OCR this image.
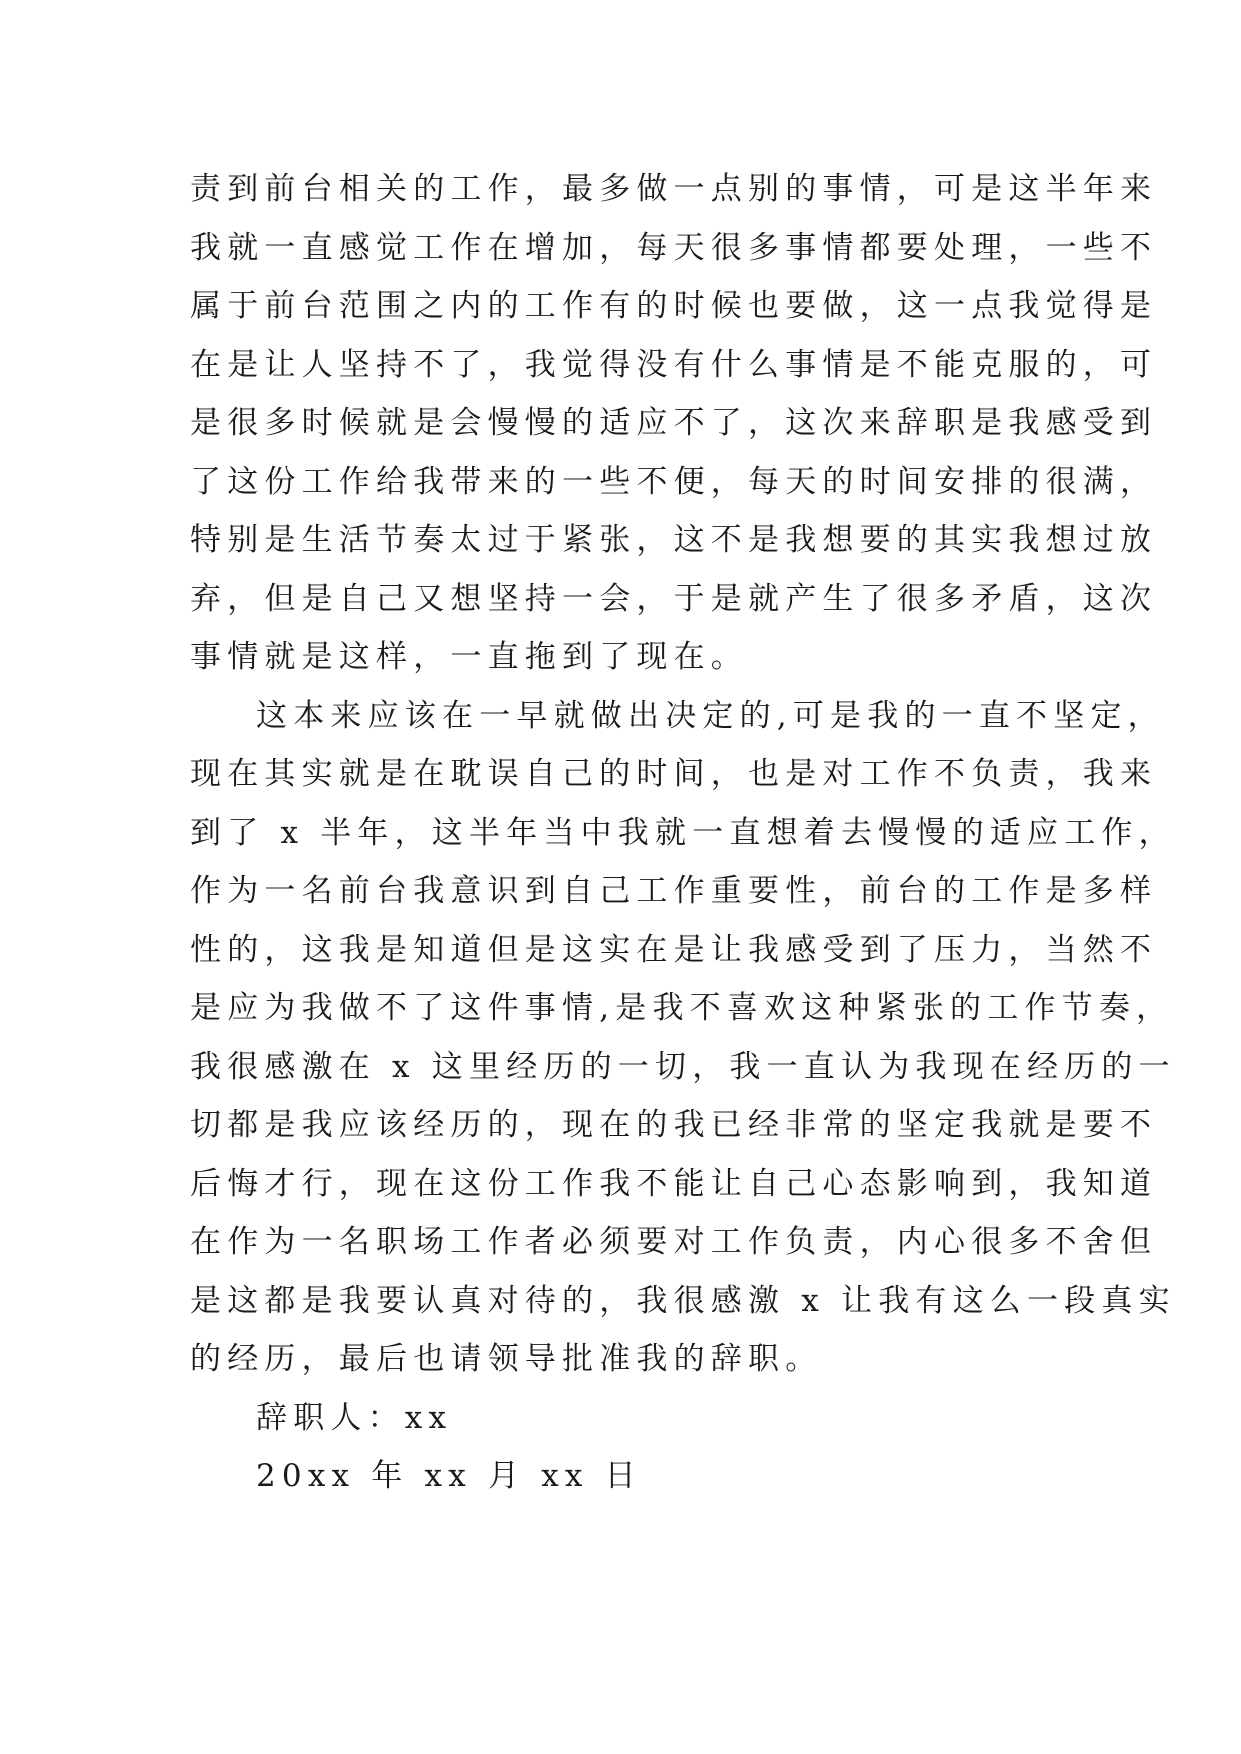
责到前台相关的工作，最多做一点别的事情，可是这半年来
我就一直感觉工作在增加，每天很多事情都要处理，一些不
属于前台范围之内的工作有的时候也要做，这一点我觉得是
在是让人坚持不了，我觉得没有什么事情是不能克服的，可
是很多时候就是会慢慢的适应不了，这次来辞职是我感受到
了这份工作给我带来的一些不便，每天的时间安排的很满，
特别是生活节奏太过于紧张，这不是我想要的其实我想过放
弃，但是自己又想坚持一会，于是就产生了很多矛盾，这次
事情就是这样，一直拖到了现在。
这本来应该在一早就做出决定的,可是我的一直不坚定，
现在其实就是在耽误自己的时间，也是对工作不负责，我来
到了 x 半年，这半年当中我就一直想着去慢慢的适应工作，
作为一名前台我意识到自己工作重要性，前台的工作是多样
性的，这我是知道但是这实在是让我感受到了压力，当然不
是应为我做不了这件事情,是我不喜欢这种紧张的工作节奏，
我很感激在 x 这里经历的一切，我一直认为我现在经历的一
切都是我应该经历的，现在的我已经非常的坚定我就是要不
后悔才行，现在这份工作我不能让自己心态影响到，我知道
在作为一名职场工作者必须要对工作负责，内心很多不舍但
是这都是我要认真对待的，我很感激 x 让我有这么一段真实
的经历，最后也请领导批准我的辞职。
辞职人：xx
20xx 年 xx 月 xx 日
